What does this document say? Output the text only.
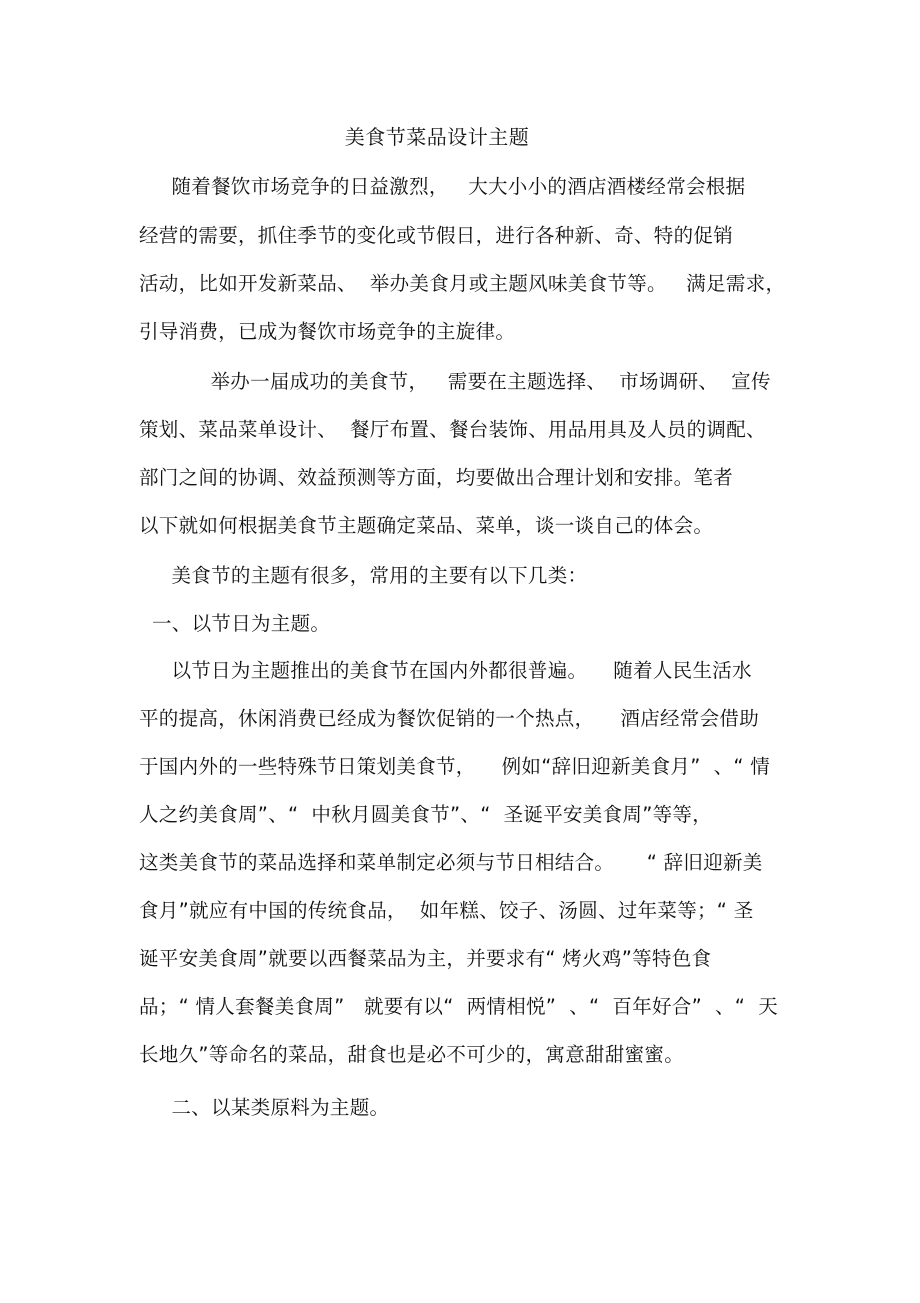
美食节菜品设计主题
随着餐饮市场竞争的日益激烈，   大大小小的酒店酒楼经常会根据
经营的需要，抓住季节的变化或节假日，进行各种新、奇、特的促销
活动，比如开发新菜品、  举办美食月或主题风味美食节等。   满足需求，
引导消费，已成为餐饮市场竞争的主旋律。
举办一届成功的美食节，   需要在主题选择、  市场调研、  宣传
策划、菜品菜单设计、  餐厅布置、餐台装饰、用品用具及人员的调配、
部门之间的协调、效益预测等方面，均要做出合理计划和安排。笔者
以下就如何根据美食节主题确定菜品、菜单，谈一谈自己的体会。
美食节的主题有很多，常用的主要有以下几类：
一、以节日为主题。
以节日为主题推出的美食节在国内外都很普遍。    随着人民生活水
平的提高，休闲消费已经成为餐饮促销的一个热点，    酒店经常会借助
于国内外的一些特殊节日策划美食节，    例如“辞旧迎新美食月”  、“ 情
人之约美食周”、“  中秋月圆美食节”、“  圣诞平安美食周”等等，
这类美食节的菜品选择和菜单制定必须与节日相结合。     “ 辞旧迎新美
食月”就应有中国的传统食品，  如年糕、饺子、汤圆、过年菜等；“ 圣
诞平安美食周”就要以西餐菜品为主，并要求有“ 烤火鸡”等特色食
品；“ 情人套餐美食周”   就要有以“  两情相悦”  、“  百年好合”  、“  天
长地久”等命名的菜品，甜食也是必不可少的，寓意甜甜蜜蜜。
二、以某类原料为主题。
